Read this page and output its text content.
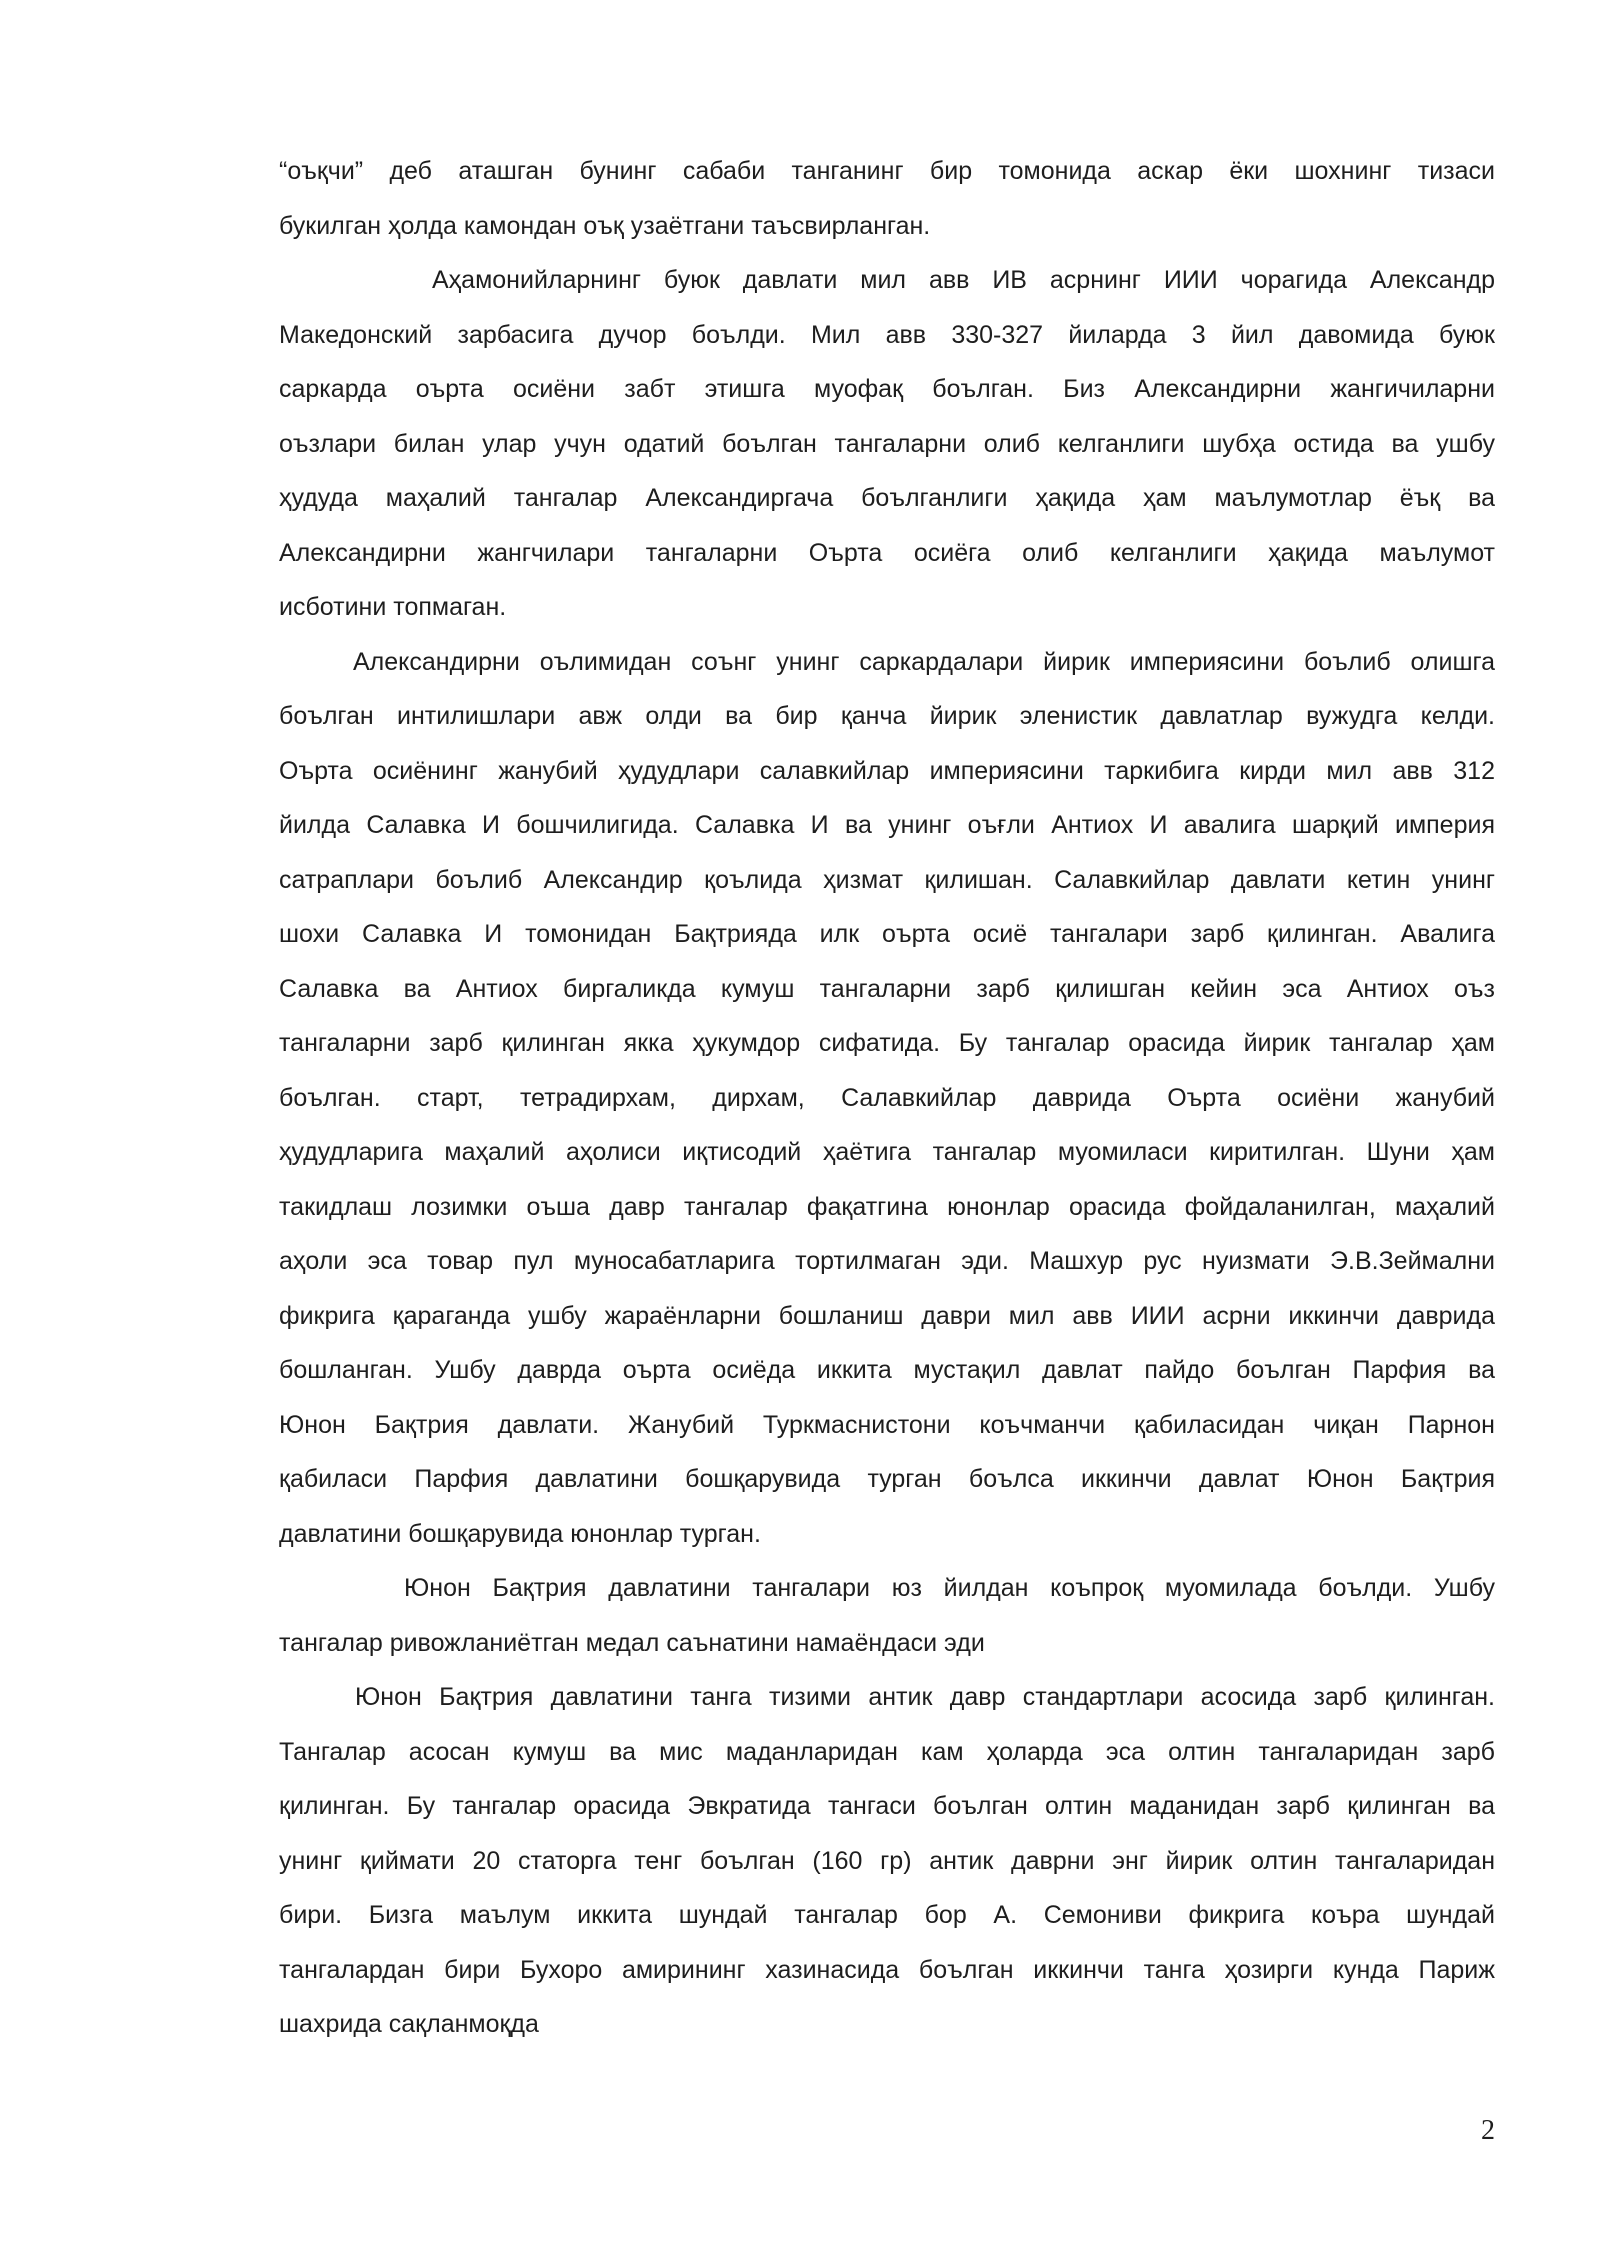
“оъқчи” деб аташган бунинг сабаби танганинг бир томонида аскар ёки шохнинг тизаси
букилган ҳолда камондан оъқ узаётгани таъсвирланган.
Аҳамонийларнинг буюк давлати мил авв ИВ асрнинг ИИИ чорагида Александр
Македонский зарбасига дучор боълди. Мил авв 330-327 йиларда 3 йил давомида буюк
саркарда оърта осиёни забт этишга муофақ боълган. Биз Александирни жангичиларни
оъзлари билан улар учун одатий боълган тангаларни олиб келганлиги шубҳа остида ва ушбу
ҳудуда маҳалий тангалар Александиргача боълганлиги ҳақида ҳам маълумотлар ёъқ ва
Александирни жангчилари тангаларни Оърта осиёга олиб келганлиги ҳақида маълумот
исботини топмаган.
Александирни оълимидан соънг унинг саркардалари йирик империясини боълиб олишга
боълган интилишлари авж олди ва бир қанча йирик эленистик давлатлар вужудга келди.
Оърта осиёнинг жанубий ҳудудлари салавкийлар империясини таркибига кирди мил авв 312
йилда Салавка И бошчилигида. Салавка И ва унинг оъғли Антиох И авалига шарқий империя
сатраплари боълиб Александир қоълида ҳизмат қилишан. Салавкийлар давлати кетин унинг
шохи Салавка И томонидан Бақтрияда илк оърта осиё тангалари зарб қилинган. Авалига
Салавка ва Антиох биргаликда кумуш тангаларни зарб қилишган кейин эса Антиох оъз
тангаларни зарб қилинган якка ҳукумдор сифатида. Бу тангалар орасида йирик тангалар ҳам
боълган. старт, тетрадирхам, дирхам, Салавкийлар даврида Оърта осиёни жанубий
ҳудудларига маҳалий аҳолиси иқтисодий ҳаётига тангалар муомиласи киритилган. Шуни ҳам
такидлаш лозимки оъша давр тангалар фақатгина юнонлар орасида фойдаланилган, маҳалий
аҳоли эса товар пул муносабатларига тортилмаган эди. Машхур рус нуизмати Э.В.Зеймални
фикрига қараганда ушбу жараёнларни бошланиш даври мил авв ИИИ асрни иккинчи даврида
бошланган. Ушбу даврда оърта осиёда иккита мустақил давлат пайдо боълган Парфия ва
Юнон Бақтрия давлати. Жанубий Туркмаснистони коъчманчи қабиласидан чиқан Парнон
қабиласи Парфия давлатини бошқарувида турган боълса иккинчи давлат Юнон Бақтрия
давлатини бошқарувида юнонлар турган.
Юнон Бақтрия давлатини тангалари юз йилдан коъпроқ муомилада боълди. Ушбу
тангалар ривожланиётган медал саънатини намаёндаси эди
Юнон Бақтрия давлатини танга тизими антик давр стандартлари асосида зарб қилинган.
Тангалар асосан кумуш ва мис маданларидан кам ҳоларда эса олтин тангаларидан зарб
қилинган. Бу тангалар орасида Эвкратида тангаси боълган олтин маданидан зарб қилинган ва
унинг қиймати 20 статорга тенг боълган (160 гр) антик даврни энг йирик олтин тангаларидан
бири. Бизга маълум иккита шундай тангалар бор А. Семониви фикрига коъра шундай
тангалардан бири Бухоро амирининг хазинасида боълган иккинчи танга ҳозирги кунда Париж
шахрида сақланмоқда
2
